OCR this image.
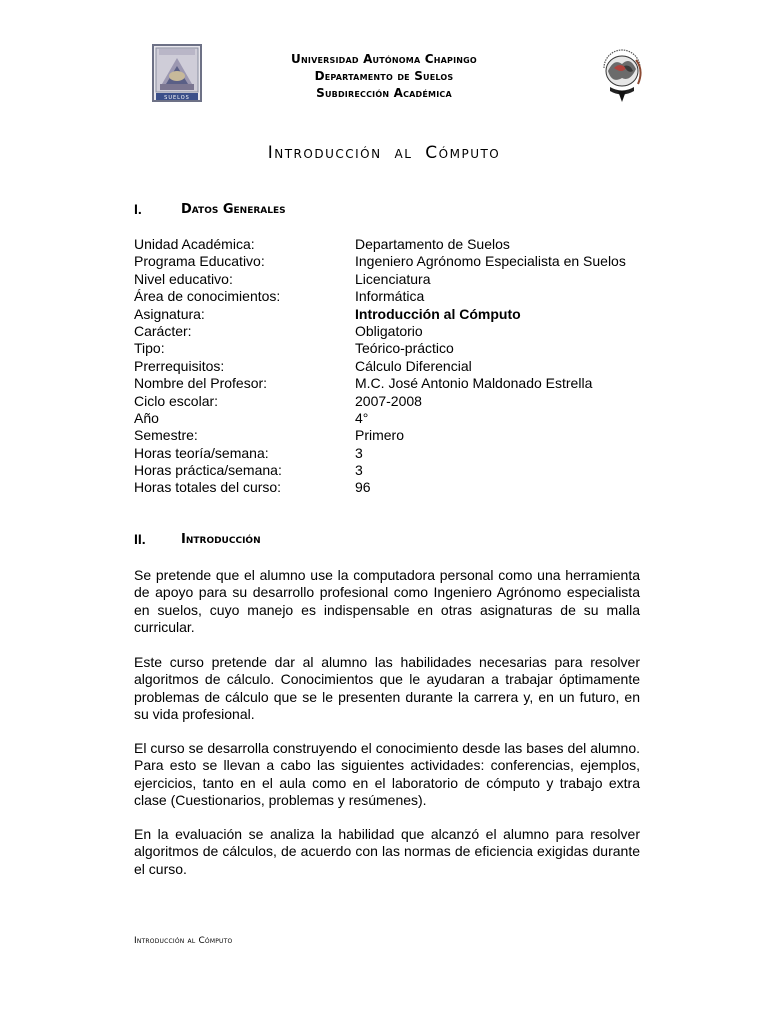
SUELOS
Universidad Autónoma Chapingo
Departamento de Suelos
Subdirección Académica
Introducción al Cómputo
I.	Datos Generales
Unidad Académica:	Departamento de Suelos
Programa Educativo:	Ingeniero Agrónomo Especialista en Suelos
Nivel educativo:	Licenciatura
Área de conocimientos:	Informática
Asignatura:	Introducción al Cómputo
Carácter:	Obligatorio
Tipo:	Teórico-práctico
Prerrequisitos:	Cálculo Diferencial
Nombre del Profesor:	M.C. José Antonio Maldonado Estrella
Ciclo escolar:	2007-2008
Año	4°
Semestre:	Primero
Horas teoría/semana:	3
Horas práctica/semana:	3
Horas totales del curso:	96
II.	Introducción
Se pretende que el alumno use la computadora personal como una herramienta de apoyo para su desarrollo profesional como Ingeniero Agrónomo especialista en suelos, cuyo manejo es indispensable en otras asignaturas de su malla curricular.
Este curso pretende dar al alumno las habilidades necesarias para resolver algoritmos de cálculo. Conocimientos que le ayudaran a trabajar óptimamente problemas de cálculo que se le presenten durante la carrera y, en un futuro, en su vida profesional.
El curso se desarrolla construyendo el conocimiento desde las bases del alumno. Para esto se llevan a cabo las siguientes actividades: conferencias, ejemplos, ejercicios, tanto en el aula como en el laboratorio de cómputo y trabajo extra clase (Cuestionarios, problemas y resúmenes).
En la evaluación se analiza la habilidad que alcanzó el alumno para resolver algoritmos de cálculos, de acuerdo con las normas de eficiencia exigidas durante el curso.
Introducción al Cómputo
